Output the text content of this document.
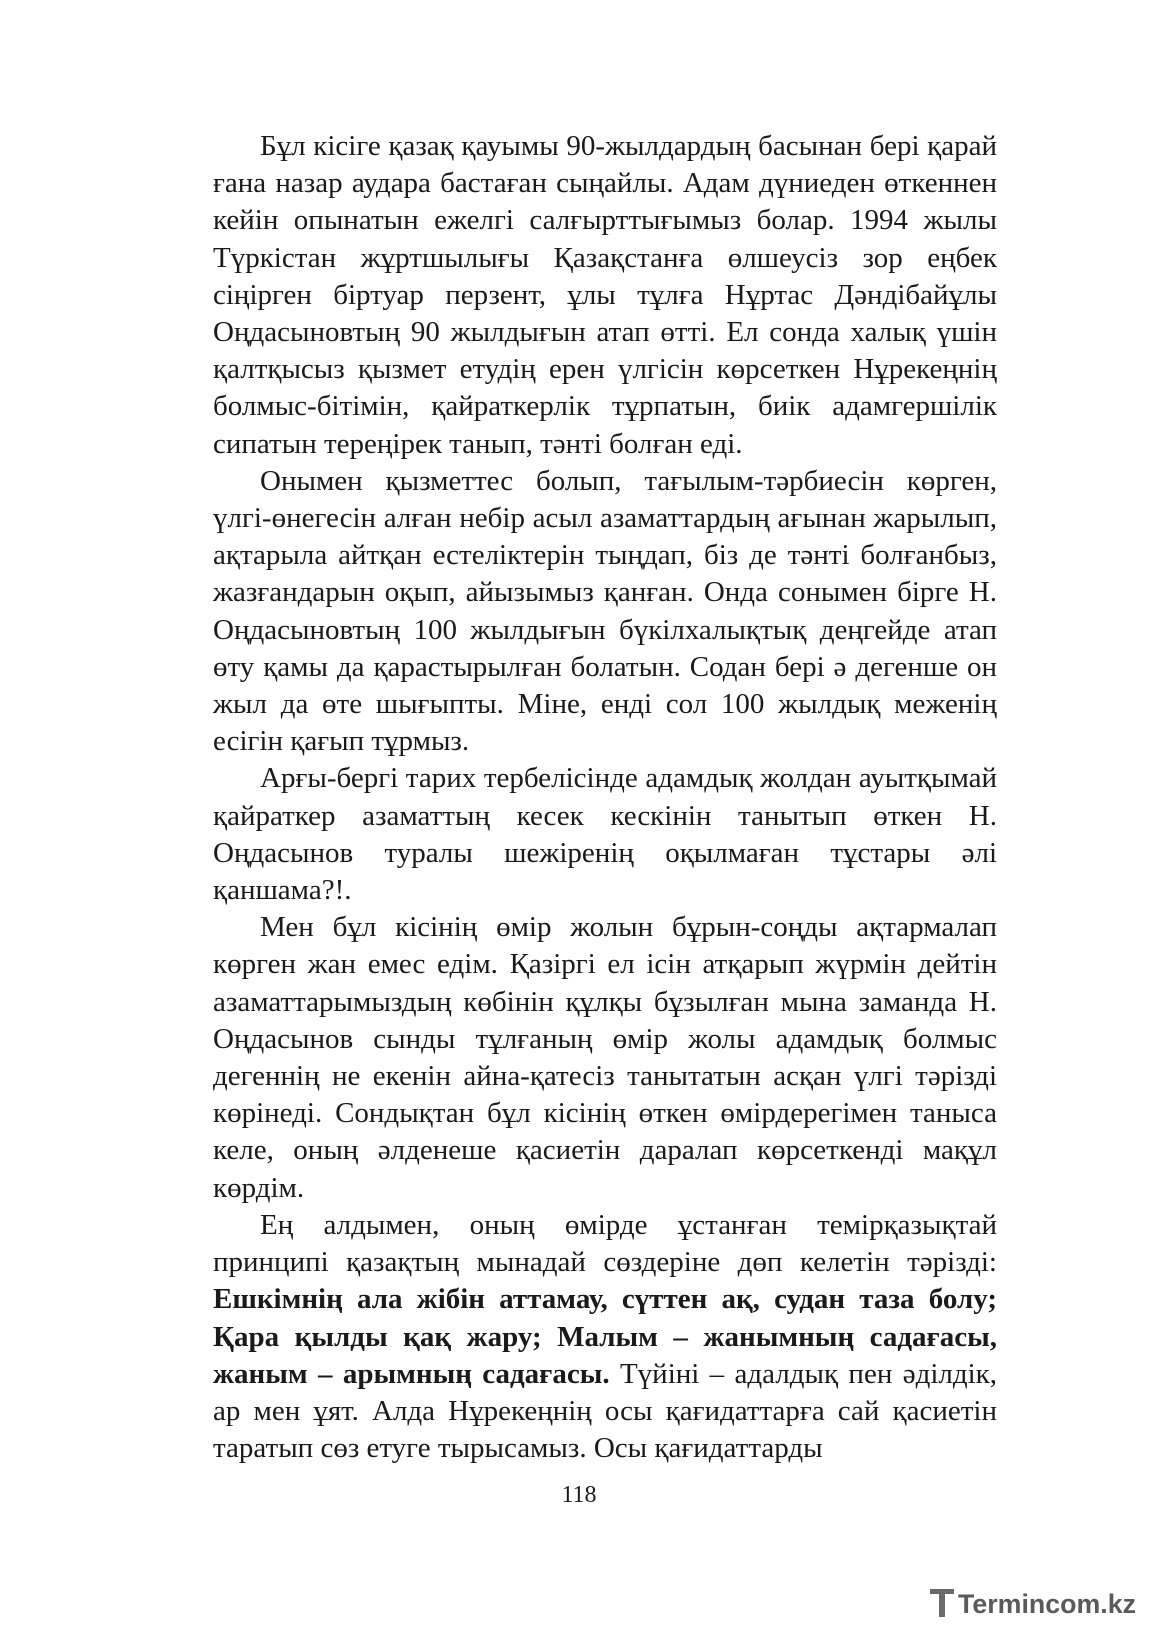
Бұл кісіге қазақ қауымы 90-жылдардың басынан бері қарай ғана назар аудара бастаған сыңайлы. Адам дүниеден өткеннен кейін опынатын ежелгі салғырттығымыз болар. 1994 жылы Түркістан жұртшылығы Қазақстанға өлшеусіз зор еңбек сіңірген біртуар перзент, ұлы тұлға Нұртас Дәндібайұлы Оңдасыновтың 90 жылдығын атап өтті. Ел сонда халық үшін қалтқысыз қызмет етудің ерен үлгісін көрсеткен Нұрекеңнің болмыс-бітімін, қайраткерлік тұрпатын, биік адамгершілік сипатын тереңірек танып, тәнті болған еді.

Онымен қызметтес болып, тағылым-тәрбиесін көрген, үлгі-өнегесін алған небір асыл азаматтардың ағынан жарылып, ақтарыла айтқан естеліктерін тыңдап, біз де тәнті болғанбыз, жазғандарын оқып, айызымыз қанған. Онда сонымен бірге Н. Оңдасыновтың 100 жылдығын бүкілхалықтық деңгейде атап өту қамы да қарастырылған болатын. Содан бері ә дегенше он жыл да өте шығыпты. Міне, енді сол 100 жылдық меженің есігін қағып тұрмыз.

Арғы-бергі тарих тербелісінде адамдық жолдан ауытқымай қайраткер азаматтың кесек кескінін танытып өткен Н. Оңдасынов туралы шежіренің оқылмаған тұстары әлі қаншама?!.

Мен бұл кісінің өмір жолын бұрын-соңды ақтармалап көрген жан емес едім. Қазіргі ел ісін атқарып жүрмін дейтін азаматтарымыздың көбінін құлқы бұзылған мына заманда Н. Оңдасынов сынды тұлғаның өмір жолы адамдық болмыс дегеннің не екенін айна-қатесіз танытатын асқан үлгі тәрізді көрінеді. Сондықтан бұл кісінің өткен өмірдерегімен таныса келе, оның әлденеше қасиетін даралап көрсеткенді мақұл көрдім.

Ең алдымен, оның өмірде ұстанған темірқазықтай принципі қазақтың мынадай сөздеріне дөп келетін тәрізді: Ешкімнің ала жібін аттамау, сүттен ақ, судан таза болу; Қара қылды қақ жару; Малым – жанымның садағасы, жаным – арымның садағасы. Түйіні – адалдық пен әділдік, ар мен ұят. Алда Нұрекеңнің осы қағидаттарға сай қасиетін таратып сөз етуге тырысамыз. Осы қағидаттарды

118
Termincom.kz
